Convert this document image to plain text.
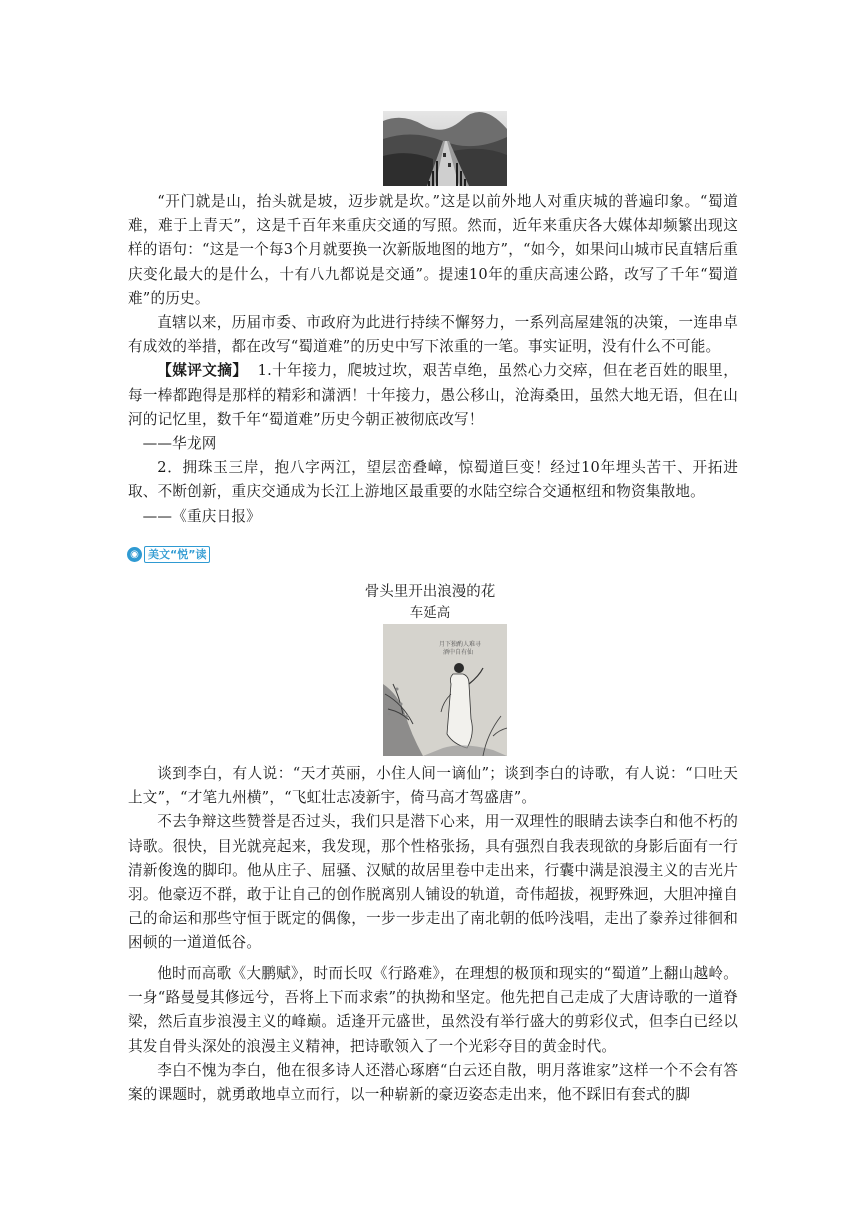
“开门就是山，抬头就是坡，迈步就是坎。”这是以前外地人对重庆城的普遍印象。“蜀道难，难于上青天”，这是千百年来重庆交通的写照。然而，近年来重庆各大媒体却频繁出现这样的语句：“这是一个每3个月就要换一次新版地图的地方”，“如今，如果问山城市民直辖后重庆变化最大的是什么，十有八九都说是交通”。提速10年的重庆高速公路，改写了千年“蜀道难”的历史。

直辖以来，历届市委、市政府为此进行持续不懈努力，一系列高屋建瓴的决策，一连串卓有成效的举措，都在改写“蜀道难”的历史中写下浓重的一笔。事实证明，没有什么不可能。

【媒评文摘】 1.十年接力，爬坡过坎，艰苦卓绝，虽然心力交瘁，但在老百姓的眼里，每一棒都跑得是那样的精彩和潇洒！十年接力，愚公移山，沧海桑田，虽然大地无语，但在山河的记忆里，数千年“蜀道难”历史今朝正被彻底改写！

——华龙网

2．拥珠玉三岸，抱八字两江，望层峦叠嶂，惊蜀道巨变！经过10年埋头苦干、开拓进取、不断创新，重庆交通成为长江上游地区最重要的水陆空综合交通枢纽和物资集散地。

——《重庆日报》

◉ 美文“悦”读
骨头里开出浪漫的花
车延高
月下独酌人难寻
酒中自有仙

谈到李白，有人说：“天才英丽，小住人间一谪仙”；谈到李白的诗歌，有人说：“口吐天上文”，“才笔九州横”，“飞虹壮志凌新宇，倚马高才驾盛唐”。

不去争辩这些赞誉是否过头，我们只是潜下心来，用一双理性的眼睛去读李白和他不朽的诗歌。很快，目光就亮起来，我发现，那个性格张扬，具有强烈自我表现欲的身影后面有一行清新俊逸的脚印。他从庄子、屈骚、汉赋的故居里卷中走出来，行囊中满是浪漫主义的吉光片羽。他豪迈不群，敢于让自己的创作脱离别人铺设的轨道，奇伟超拔，视野殊迥，大胆冲撞自己的命运和那些守恒于既定的偶像，一步一步走出了南北朝的低吟浅唱，走出了豢养过徘徊和困顿的一道道低谷。

他时而高歌《大鹏赋》，时而长叹《行路难》，在理想的极顶和现实的“蜀道”上翻山越岭。一身“路曼曼其修远兮，吾将上下而求索”的执拗和坚定。他先把自己走成了大唐诗歌的一道脊梁，然后直步浪漫主义的峰巅。适逢开元盛世，虽然没有举行盛大的剪彩仪式，但李白已经以其发自骨头深处的浪漫主义精神，把诗歌领入了一个光彩夺目的黄金时代。

李白不愧为李白，他在很多诗人还潜心琢磨“白云还自散，明月落谁家”这样一个不会有答案的课题时，就勇敢地卓立而行，以一种崭新的豪迈姿态走出来，他不踩旧有套式的脚
